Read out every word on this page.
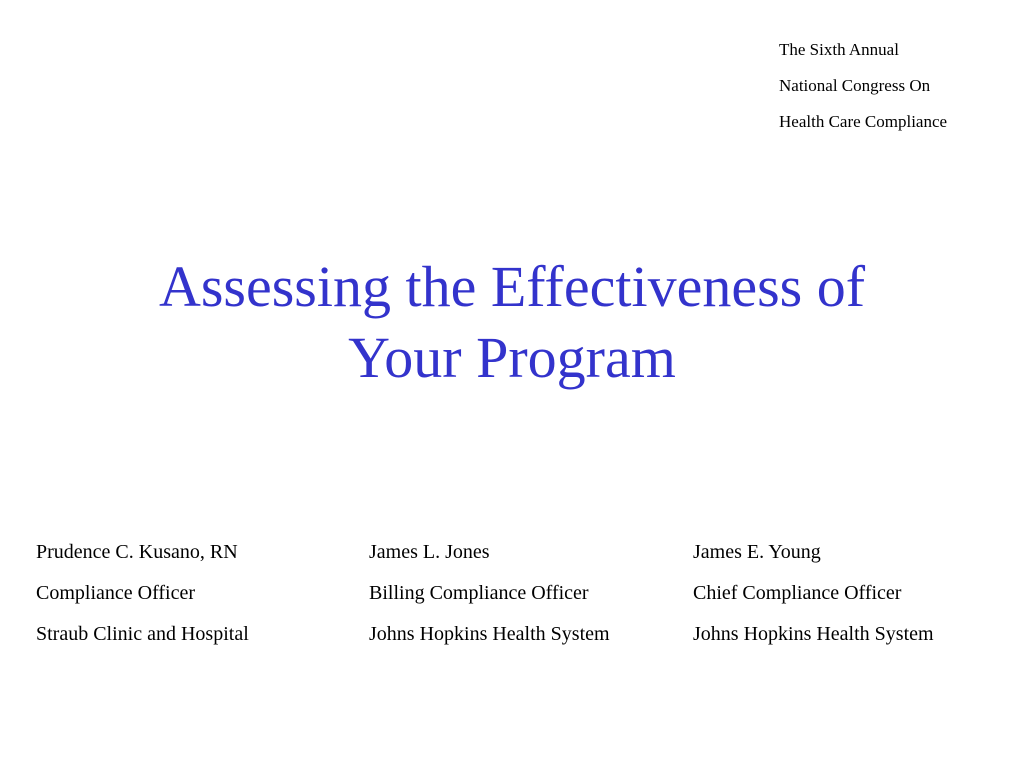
The Sixth Annual
National Congress On
Health Care Compliance
Assessing the Effectiveness of
Your Program
Prudence C. Kusano, RN
Compliance Officer
Straub Clinic and Hospital
James L. Jones
Billing Compliance Officer
Johns Hopkins Health System
James E. Young
Chief Compliance Officer
Johns Hopkins Health System
